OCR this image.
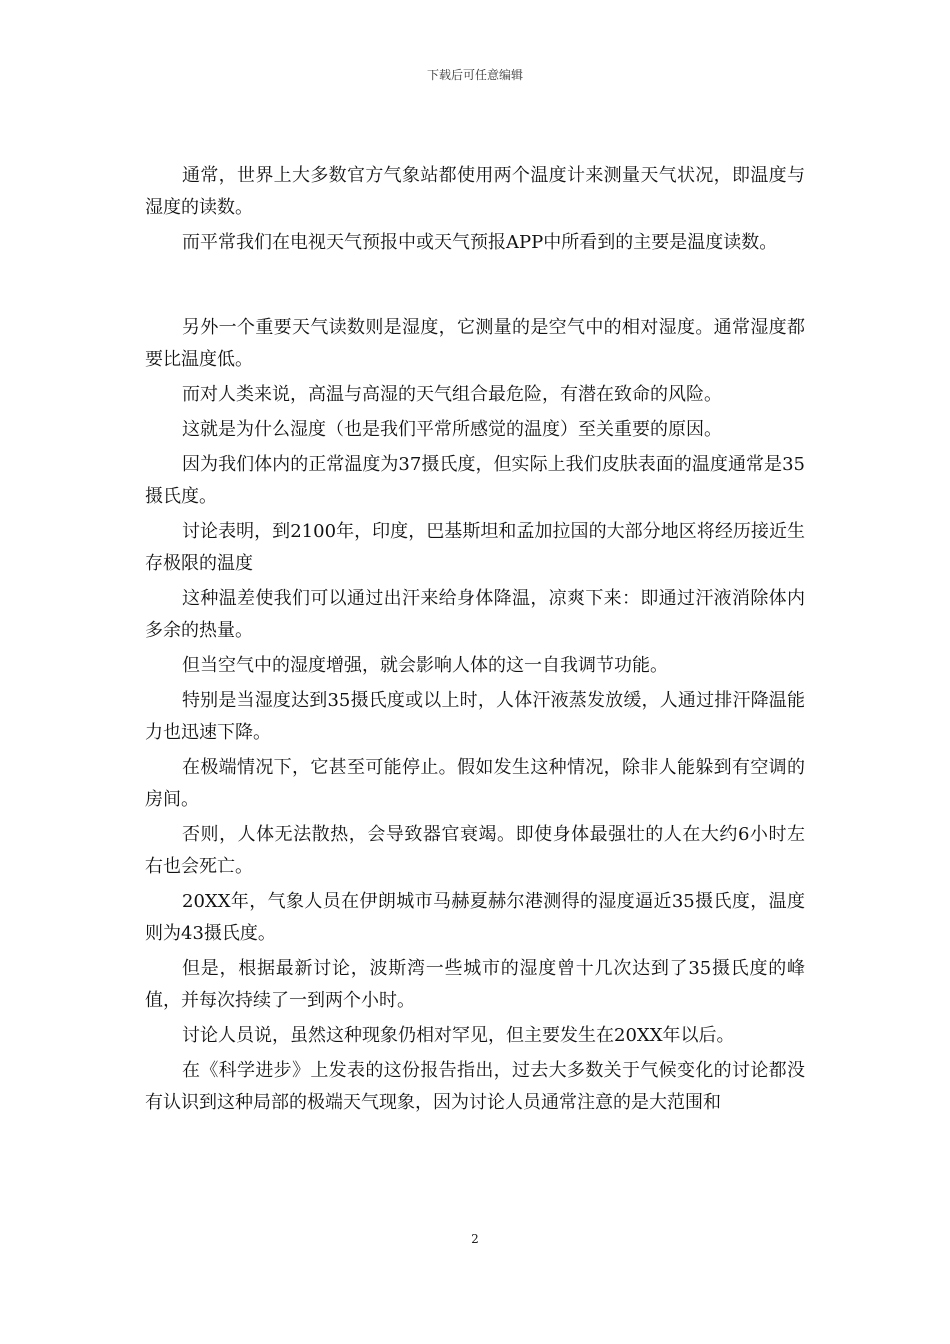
下载后可任意编辑

通常，世界上大多数官方气象站都使用两个温度计来测量天气状况，即温度与湿度的读数。

而平常我们在电视天气预报中或天气预报APP中所看到的主要是温度读数。

另外一个重要天气读数则是湿度，它测量的是空气中的相对湿度。通常湿度都要比温度低。

而对人类来说，高温与高湿的天气组合最危险，有潜在致命的风险。

这就是为什么湿度（也是我们平常所感觉的温度）至关重要的原因。

因为我们体内的正常温度为37摄氏度，但实际上我们皮肤表面的温度通常是35摄氏度。

讨论表明，到2100年，印度，巴基斯坦和孟加拉国的大部分地区将经历接近生存极限的温度

这种温差使我们可以通过出汗来给身体降温，凉爽下来：即通过汗液消除体内多余的热量。

但当空气中的湿度增强，就会影响人体的这一自我调节功能。

特别是当湿度达到35摄氏度或以上时，人体汗液蒸发放缓，人通过排汗降温能力也迅速下降。

在极端情况下，它甚至可能停止。假如发生这种情况，除非人能躲到有空调的房间。

否则，人体无法散热，会导致器官衰竭。即使身体最强壮的人在大约6小时左右也会死亡。

20XX年，气象人员在伊朗城市马赫夏赫尔港测得的湿度逼近35摄氏度，温度则为43摄氏度。

但是，根据最新讨论，波斯湾一些城市的湿度曾十几次达到了35摄氏度的峰值，并每次持续了一到两个小时。

讨论人员说，虽然这种现象仍相对罕见，但主要发生在20XX年以后。

在《科学进步》上发表的这份报告指出，过去大多数关于气候变化的讨论都没有认识到这种局部的极端天气现象，因为讨论人员通常注意的是大范围和

2
